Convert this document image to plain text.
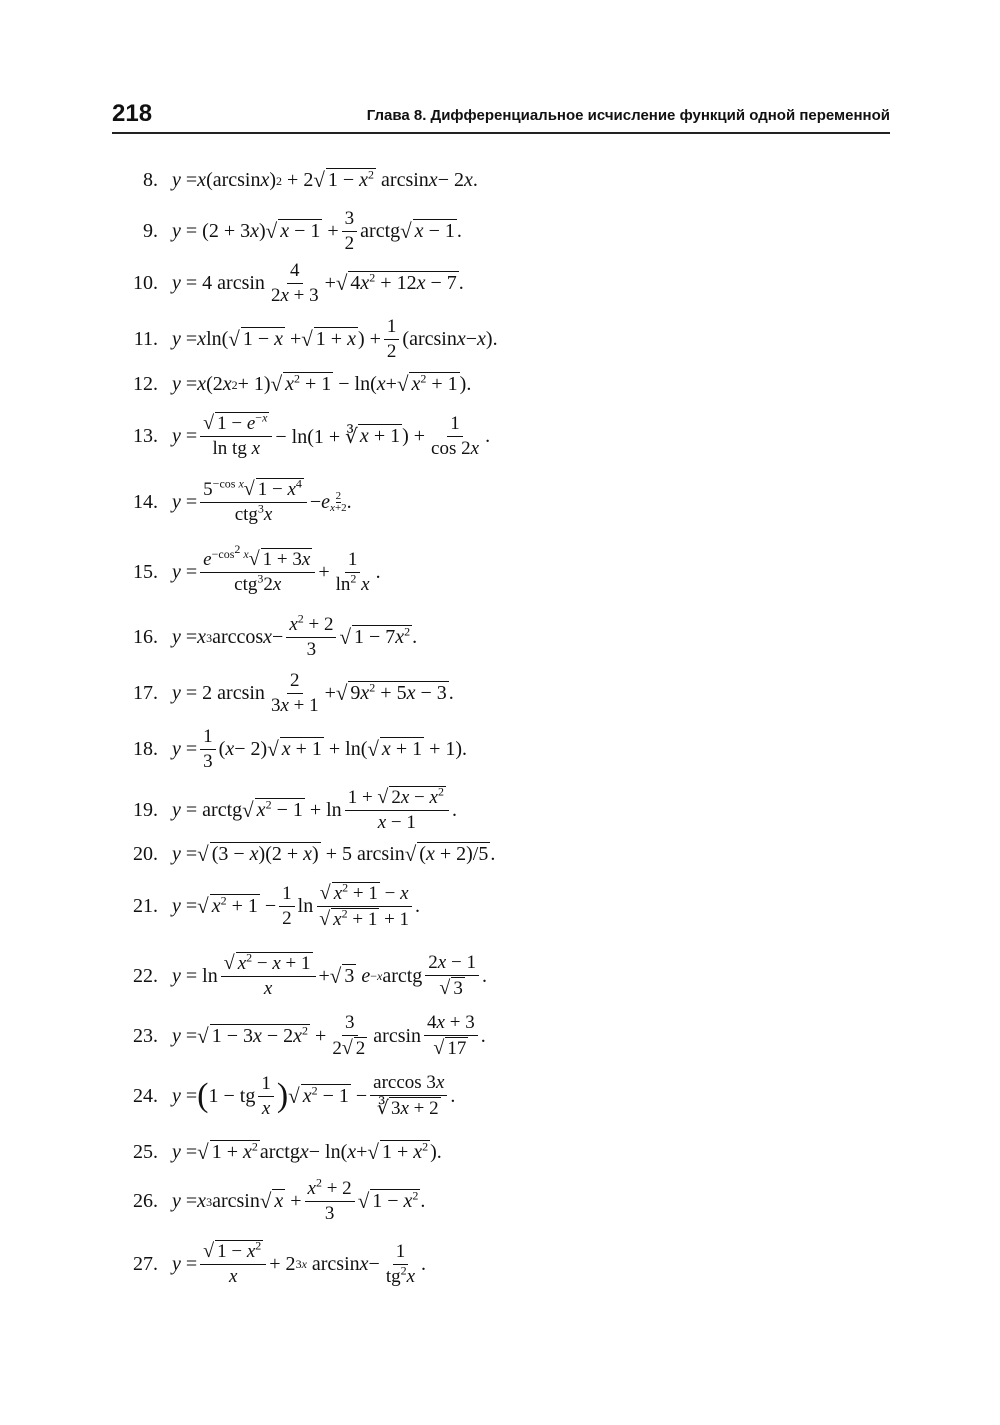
218	Глава 8. Дифференциальное исчисление функций одной переменной
8. y = x (arcsin x ) 2 + 2 √ $1 - x^2$ arcsin x − 2 x .
9. y = (2 + 3 x ) √ $x - 1 + \frac{3}{2}$ arctg √ x − 1 .
10. y = 4 $\arcsin \frac{4}{2x + 3}$ + √ $4x^2 + 12x - 7$ .
11. y = x ln( √ 1 − x + √ 1 + x ) + $\frac{1}{2} (\arcsin$ x − x ).
12. y = x (2 x 2 + 1) √ $x^2 + 1 - \ln$( x + √ $x^2 + 1$ ).
13. $y = \frac{√ 1 - e^{-x}}{\text{ln tg x}} - \ln(1$ + ∛ x + 1 ) + $\frac{1}{\cos 2x}$ .
14. $y = \frac{5^{-cos x} √ 1 - x^4}{ctg^3x} - e \frac{2}{x+2}$ .
15. $y = \frac{e^{-cos^2 x} √ 1 + 3x}{ctg^32x} + \frac{1}{\ln^2 x}$ .
16. y = x 3 $\arccos x - \frac{x^2 + 2}{3}$ √ $1 - 7x^2$ .
17. y = 2 $\arcsin \frac{2}{3x + 1}$ + √ $9x^2 + 5x - 3$ .
18. $y = \frac{1}{3}$ ( x − 2) √ x + 1 + ln( √ x + 1 + 1).
19. y = arctg √ $x^2 - 1 + \ln \frac{1 + √ 2x - x^2}{x - 1}$ .
20. y = √ (3 − x)(2 + x) + 5 arcsin √ (x + 2)/5 .
21. y = √ $x^2 + 1 - \frac{1}{2}$ $\ln \frac{√ x^2 + 1 - x}{√ x^2 + 1 + 1}$ .
22. $y = \ln \frac{√ x^2 - x + 1}{x}$ + √ 3
e −x arctg $\frac{2x - 1}{√ 3}$ .
23. y = √ $1 - 3x - 2x^2 + \frac{3}{2 √ 2}$ $\arcsin \frac{4x + 3}{√ 17}$ .
24. y = ( 1 − tg $\frac{1}{x}$ ) √ $x^2 - 1 - \frac{\arccos 3x}{∛ 3x + 2}$ .
25. y = √ $1 + x^2$ arctg x − ln( x + √ $1 + x^2$ ).
26. y = x 3 arcsin √ $x + \frac{x^2 + 2}{3}$ √ $1 - x^2$ .
27. $y = \frac{√ 1 - x^2}{x} + 2$ 3x $\arcsin x - \frac{1}{tg^2x}$ .
